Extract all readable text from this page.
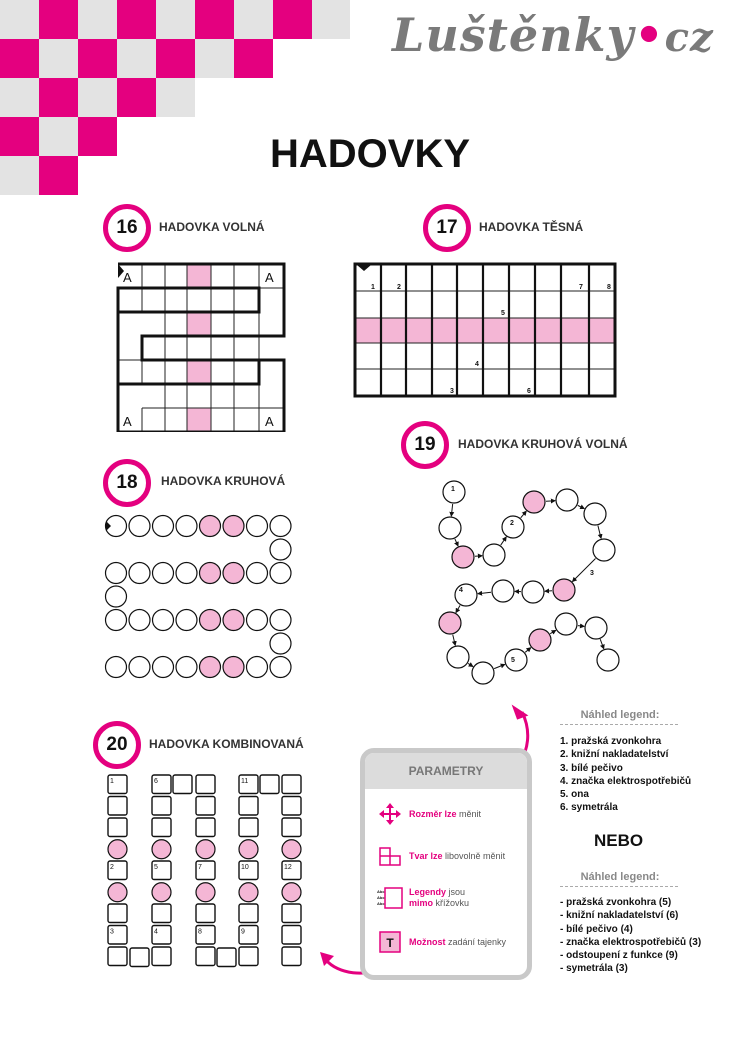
Luštěnky•cz
HADOVKY
16	HADOVKA VOLNÁ
A	A
A	A
17	HADOVKA TĚSNÁ
1	2	7	8
5
4
3	6
18	HADOVKA KRUHOVÁ
19	HADOVKA KRUHOVÁ VOLNÁ
1
2
3
4
5
20	HADOVKA KOMBINOVANÁ
1	6	11
2	5	7	10	12
3	4	8	9
PARAMETRY
Rozměr lze měnit
Tvar lze libovolně měnit
Abc
Abc
Abc
Legendy jsou
mimo křížovku
T Možnost zadání tajenky
Náhled legend:
1. pražská zvonkohra
2. knižní nakladatelství
3. bílé pečivo
4. značka elektrospotřebičů
5. ona
6. symetrála
NEBO
Náhled legend:
- pražská zvonkohra (5)
- knižní nakladatelství (6)
- bílé pečivo (4)
- značka elektrospotřebičů (3)
- odstoupení z funkce (9)
- symetrála (3)
